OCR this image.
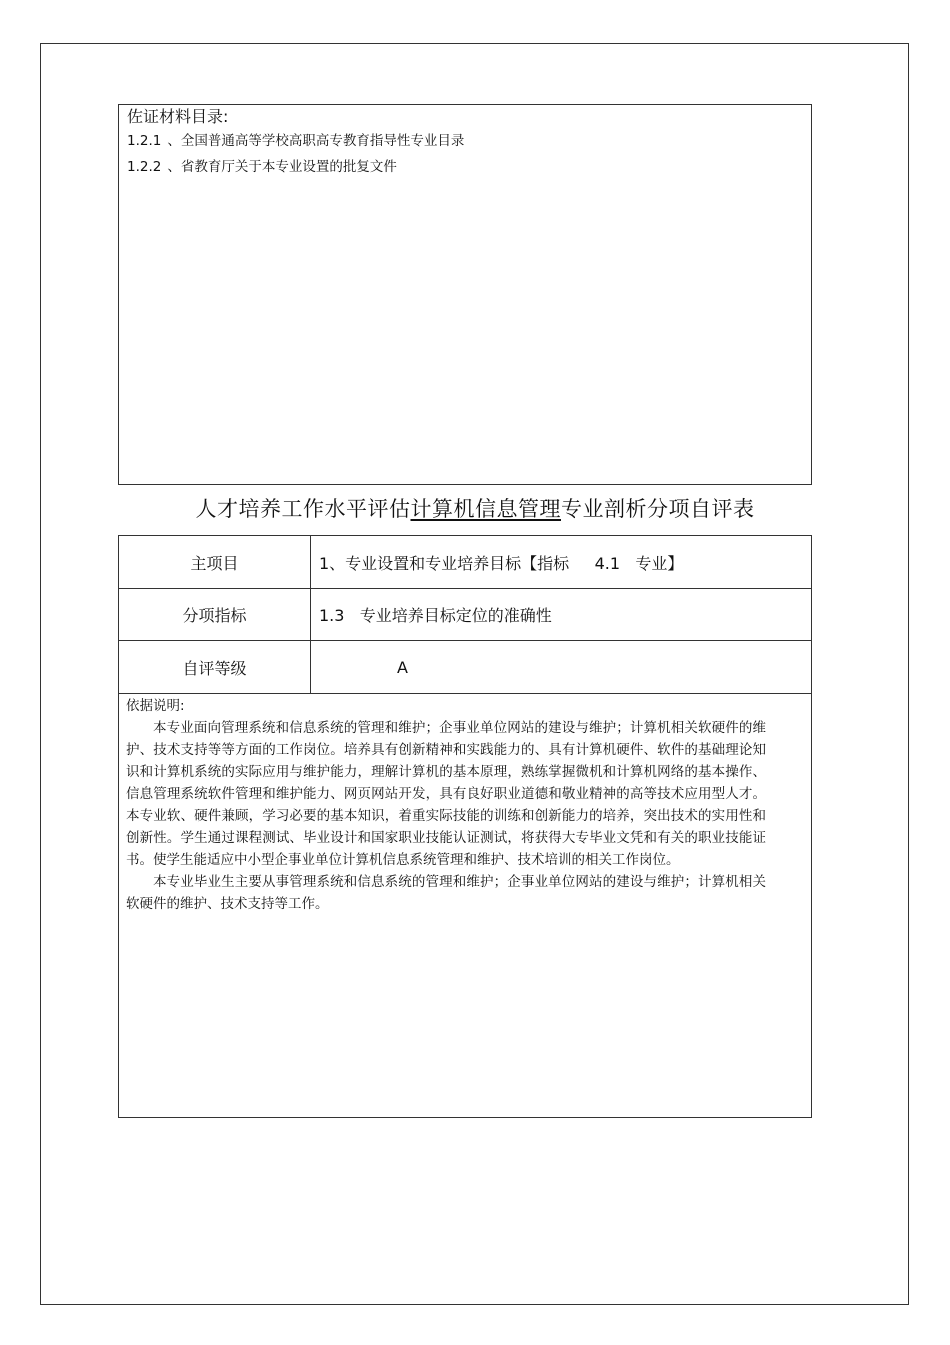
佐证材料目录:
1.2.1 、全国普通高等学校高职高专教育指导性专业目录
1.2.2 、省教育厅关于本专业设置的批复文件
人才培养工作水平评估计算机信息管理专业剖析分项自评表
主项目	1、专业设置和专业培养目标【指标     4.1   专业】
分项指标	1.3   专业培养目标定位的准确性
自评等级	A

依据说明:

本专业面向管理系统和信息系统的管理和维护；企事业单位网站的建设与维护；计算机相关软硬件的维护、技术支持等等方面的工作岗位。培养具有创新精神和实践能力的、具有计算机硬件、软件的基础理论知识和计算机系统的实际应用与维护能力，理解计算机的基本原理，熟练掌握微机和计算机网络的基本操作、信息管理系统软件管理和维护能力、网页网站开发，具有良好职业道德和敬业精神的高等技术应用型人才。本专业软、硬件兼顾，学习必要的基本知识，着重实际技能的训练和创新能力的培养，突出技术的实用性和创新性。学生通过课程测试、毕业设计和国家职业技能认证测试，将获得大专毕业文凭和有关的职业技能证书。使学生能适应中小型企事业单位计算机信息系统管理和维护、技术培训的相关工作岗位。

本专业毕业生主要从事管理系统和信息系统的管理和维护；企事业单位网站的建设与维护；计算机相关软硬件的维护、技术支持等工作。
